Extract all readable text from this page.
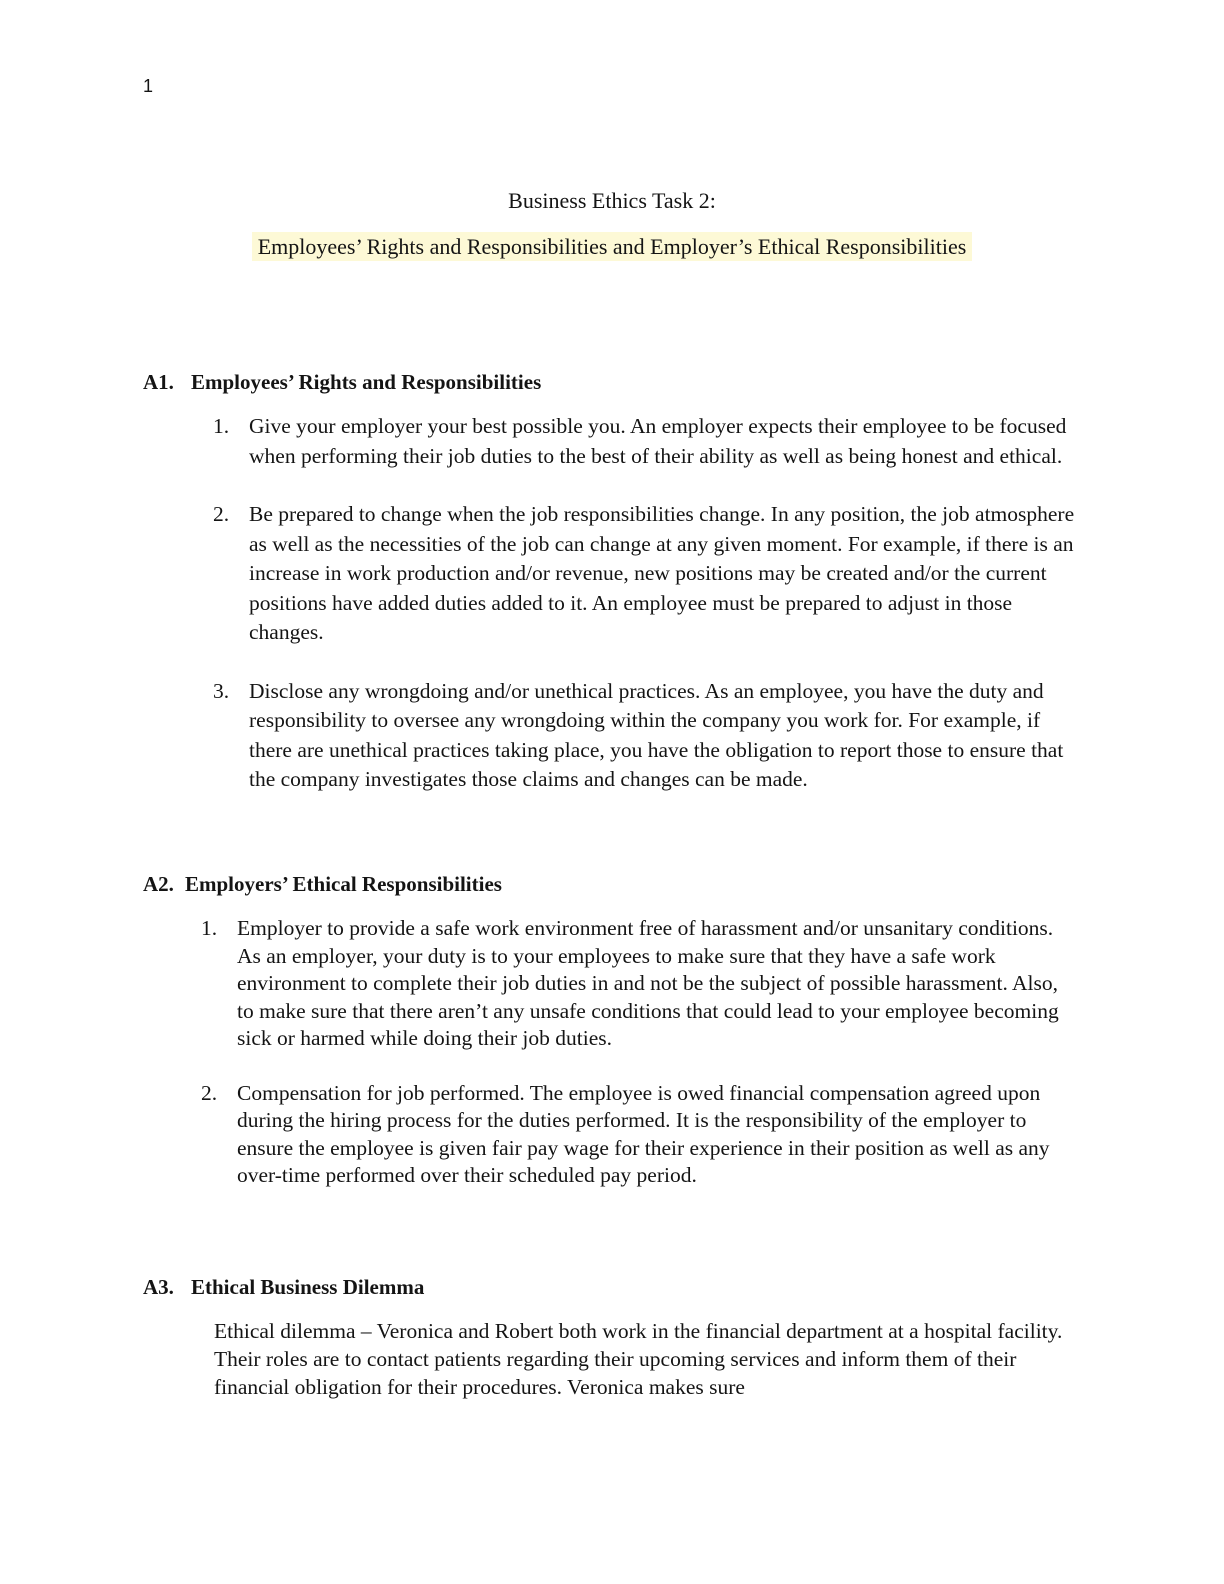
1
Business Ethics Task 2:
Employees’ Rights and Responsibilities and Employer’s Ethical Responsibilities
A1. Employees’ Rights and Responsibilities
1. Give your employer your best possible you. An employer expects their employee to be focused when performing their job duties to the best of their ability as well as being honest and ethical.
2. Be prepared to change when the job responsibilities change. In any position, the job atmosphere as well as the necessities of the job can change at any given moment. For example, if there is an increase in work production and/or revenue, new positions may be created and/or the current positions have added duties added to it. An employee must be prepared to adjust in those changes.
3. Disclose any wrongdoing and/or unethical practices. As an employee, you have the duty and responsibility to oversee any wrongdoing within the company you work for. For example, if there are unethical practices taking place, you have the obligation to report those to ensure that the company investigates those claims and changes can be made.
A2. Employers’ Ethical Responsibilities
1. Employer to provide a safe work environment free of harassment and/or unsanitary conditions. As an employer, your duty is to your employees to make sure that they have a safe work environment to complete their job duties in and not be the subject of possible harassment. Also, to make sure that there aren’t any unsafe conditions that could lead to your employee becoming sick or harmed while doing their job duties.
2. Compensation for job performed. The employee is owed financial compensation agreed upon during the hiring process for the duties performed. It is the responsibility of the employer to ensure the employee is given fair pay wage for their experience in their position as well as any over-time performed over their scheduled pay period.
A3. Ethical Business Dilemma
Ethical dilemma – Veronica and Robert both work in the financial department at a hospital facility. Their roles are to contact patients regarding their upcoming services and inform them of their financial obligation for their procedures. Veronica makes sure
